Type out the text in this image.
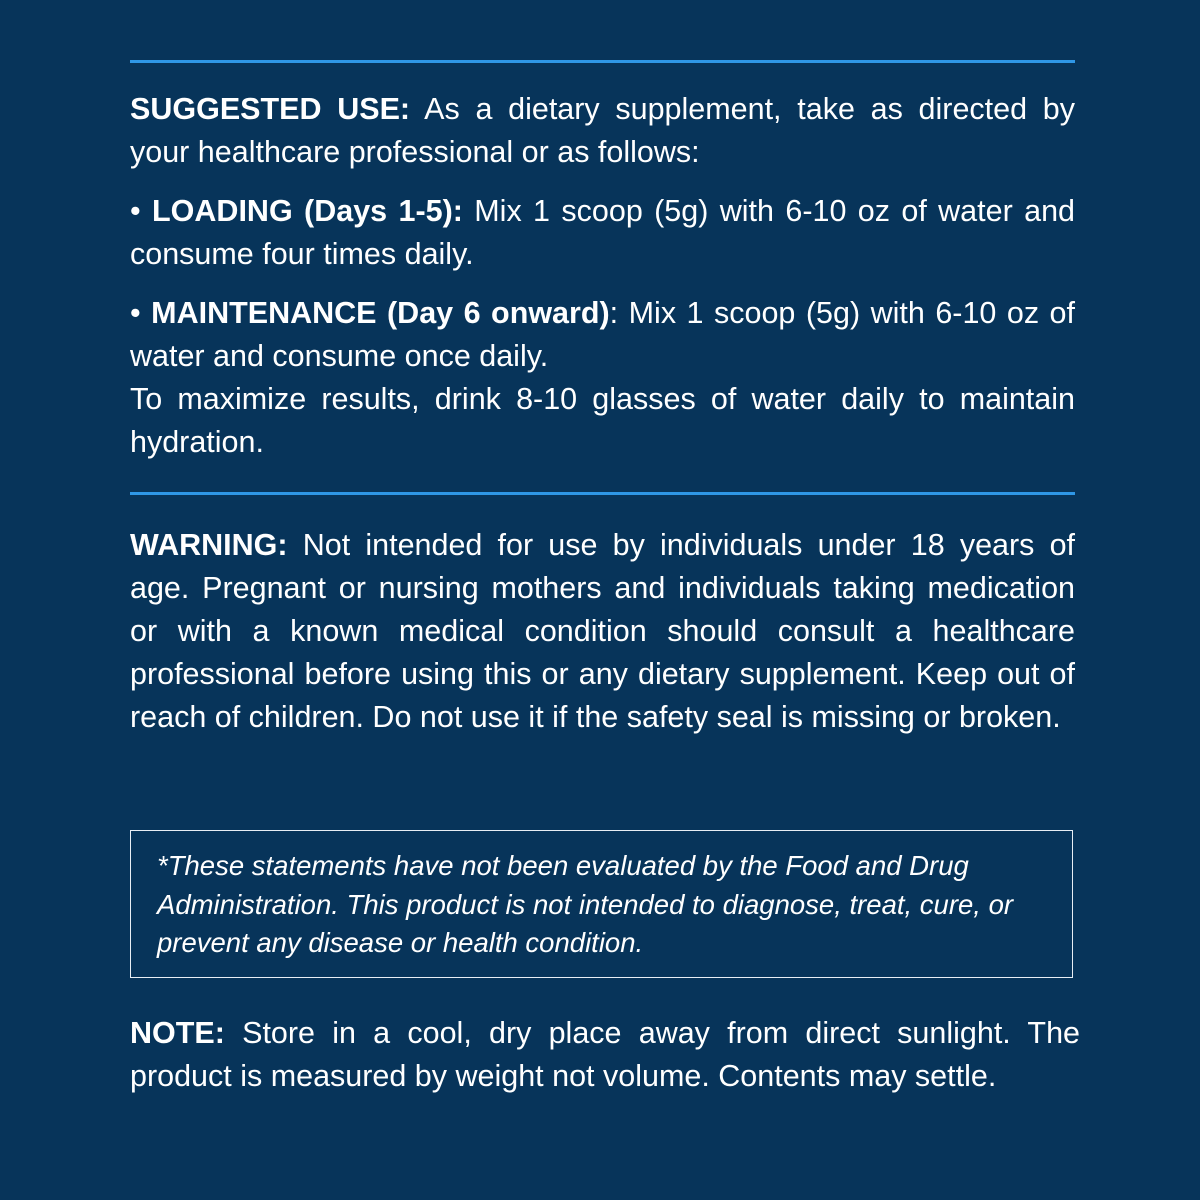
SUGGESTED USE: As a dietary supplement, take as directed by your healthcare professional or as follows:

• LOADING (Days 1-5): Mix 1 scoop (5g) with 6-10 oz of water and consume four times daily.

• MAINTENANCE (Day 6 onward): Mix 1 scoop (5g) with 6-10 oz of water and consume once daily.

To maximize results, drink 8-10 glasses of water daily to maintain hydration.

WARNING: Not intended for use by individuals under 18 years of age. Pregnant or nursing mothers and individuals taking medication or with a known medical condition should consult a healthcare professional before using this or any dietary supplement. Keep out of reach of children. Do not use it if the safety seal is missing or broken.

*These statements have not been evaluated by the Food and Drug Administration. This product is not intended to diagnose, treat, cure, or prevent any disease or health condition.

NOTE: Store in a cool, dry place away from direct sunlight. The product is measured by weight not volume. Contents may settle.
